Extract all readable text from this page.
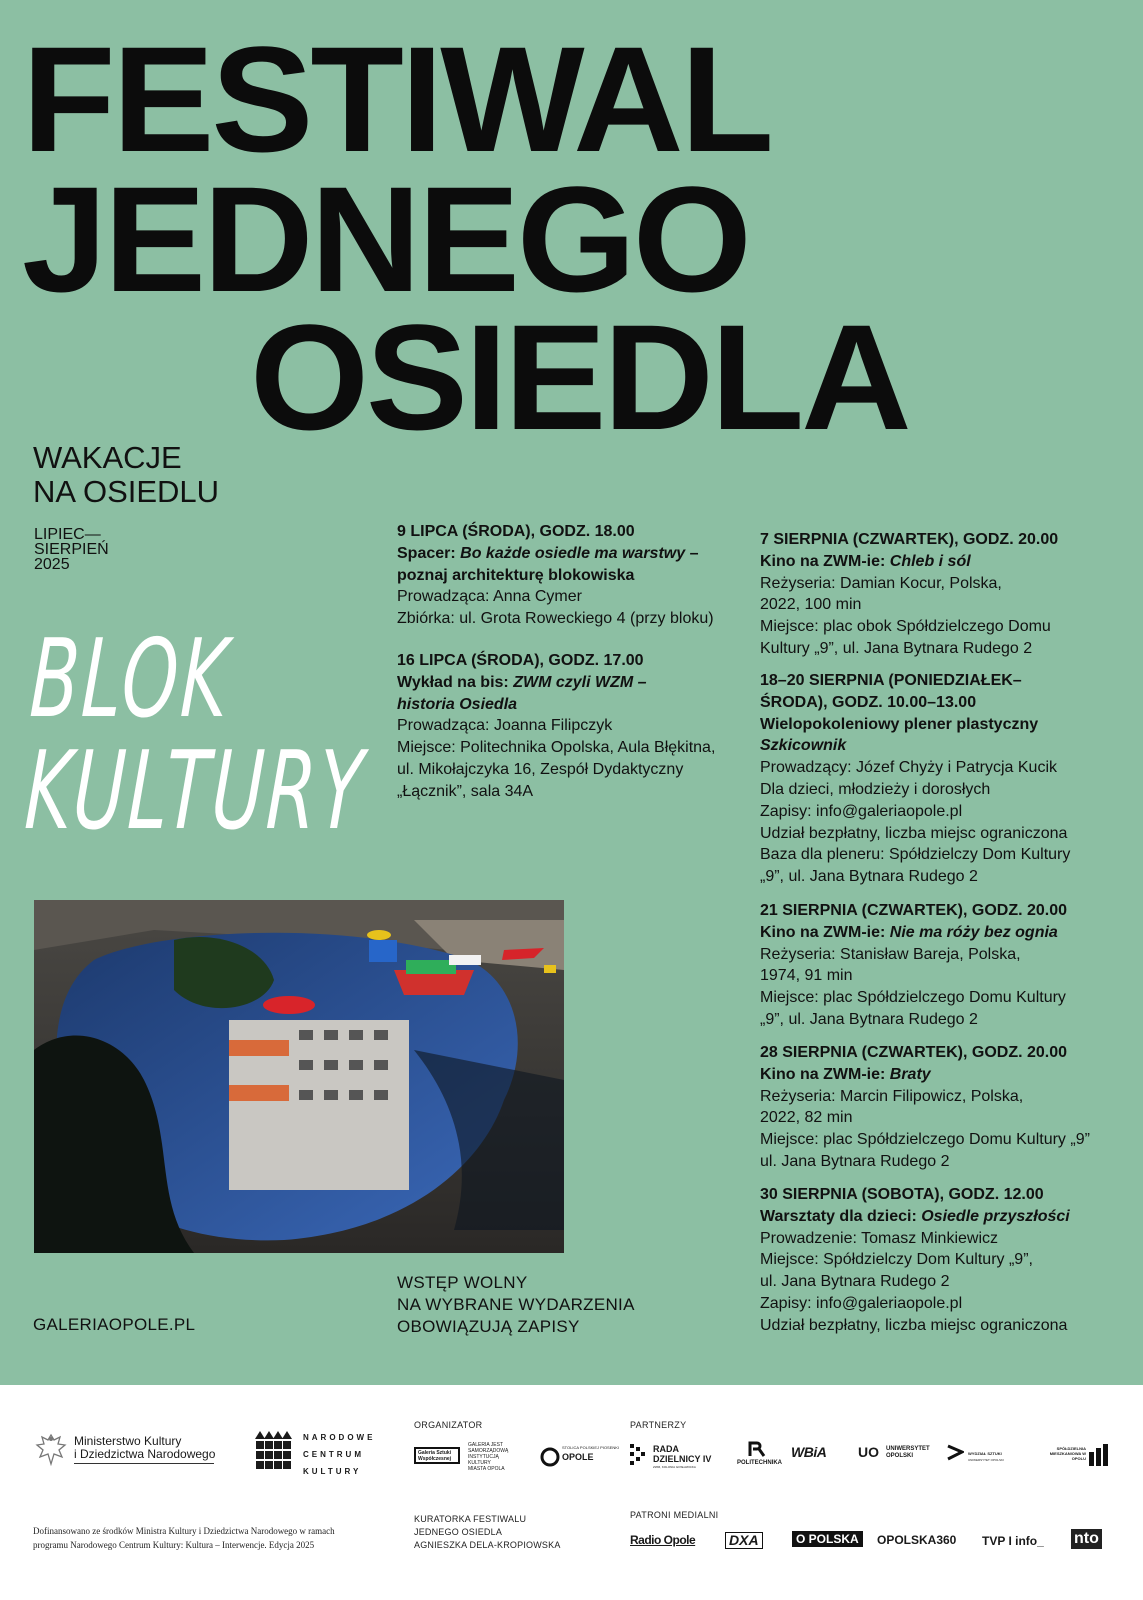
FESTIWAL
JEDNEGO
OSIEDLA
WAKACJE
NA OSIEDLU
LIPIEC—
SIERPIEŃ
2025
BLOK
KULTURY
9 LIPCA (ŚRODA), GODZ. 18.00
Spacer: Bo każde osiedle ma warstwy –
poznaj architekturę blokowiska
Prowadząca: Anna Cymer
Zbiórka: ul. Grota Roweckiego 4 (przy bloku)
16 LIPCA (ŚRODA), GODZ. 17.00
Wykład na bis: ZWM czyli WZM –
historia Osiedla
Prowadząca: Joanna Filipczyk
Miejsce: Politechnika Opolska, Aula Błękitna,
ul. Mikołajczyka 16, Zespół Dydaktyczny
„Łącznik”, sala 34A
7 SIERPNIA (CZWARTEK), GODZ. 20.00
Kino na ZWM-ie: Chleb i sól
Reżyseria: Damian Kocur, Polska,
2022, 100 min
Miejsce: plac obok Spółdzielczego Domu
Kultury „9”, ul. Jana Bytnara Rudego 2
18–20 SIERPNIA (PONIEDZIAŁEK–
ŚRODA), GODZ. 10.00–13.00
Wielopokoleniowy plener plastyczny
Szkicownik
Prowadzący: Józef Chyży i Patrycja Kucik
Dla dzieci, młodzieży i dorosłych
Zapisy: info@galeriaopole.pl
Udział bezpłatny, liczba miejsc ograniczona
Baza dla pleneru: Spółdzielczy Dom Kultury
„9”, ul. Jana Bytnara Rudego 2
21 SIERPNIA (CZWARTEK), GODZ. 20.00
Kino na ZWM-ie: Nie ma róży bez ognia
Reżyseria: Stanisław Bareja, Polska,
1974, 91 min
Miejsce: plac Spółdzielczego Domu Kultury
„9”, ul. Jana Bytnara Rudego 2
28 SIERPNIA (CZWARTEK), GODZ. 20.00
Kino na ZWM-ie: Braty
Reżyseria: Marcin Filipowicz, Polska,
2022, 82 min
Miejsce: plac Spółdzielczego Domu Kultury „9”
ul. Jana Bytnara Rudego 2
30 SIERPNIA (SOBOTA), GODZ. 12.00
Warsztaty dla dzieci: Osiedle przyszłości
Prowadzenie: Tomasz Minkiewicz
Miejsce: Spółdzielczy Dom Kultury „9”,
ul. Jana Bytnara Rudego 2
Zapisy: info@galeriaopole.pl
Udział bezpłatny, liczba miejsc ograniczona
WSTĘP WOLNY
NA WYBRANE WYDARZENIA
OBOWIĄZUJĄ ZAPISY
GALERIAOPOLE.PL
Ministerstwo Kultury
i Dziedzictwa Narodowego
NARODOWE
CENTRUM
KULTURY
ORGANIZATOR
Galeria Sztuki Współczesnej
GALERIA JEST
SAMORZĄDOWĄ
INSTYTUCJĄ
KULTURY
MIASTA OPOLA
STOLICA POLSKIEJ PIOSENKI
OPOLE
PARTNERZY
RADA DZIELNICY IV
ZWM, KOLONIA GOSŁAWICKA
POLITECHNIKA
WBiA UO UNIWERSYTET OPOLSKI	WYDZIAŁ SZTUKI
UNIWERSYTET OPOLSKI
SPÓŁDZIELNIA MIESZKANIOWA W OPOLU
KURATORKA FESTIWALU
JEDNEGO OSIEDLA
AGNIESZKA DELA-KROPIOWSKA
PATRONI MEDIALNI
Radio Opole DXA	O POLSKA	OPOLSKA360 TVP I info_ nto
Dofinansowano ze środków Ministra Kultury i Dziedzictwa Narodowego w ramach
programu Narodowego Centrum Kultury: Kultura – Interwencje. Edycja 2025
